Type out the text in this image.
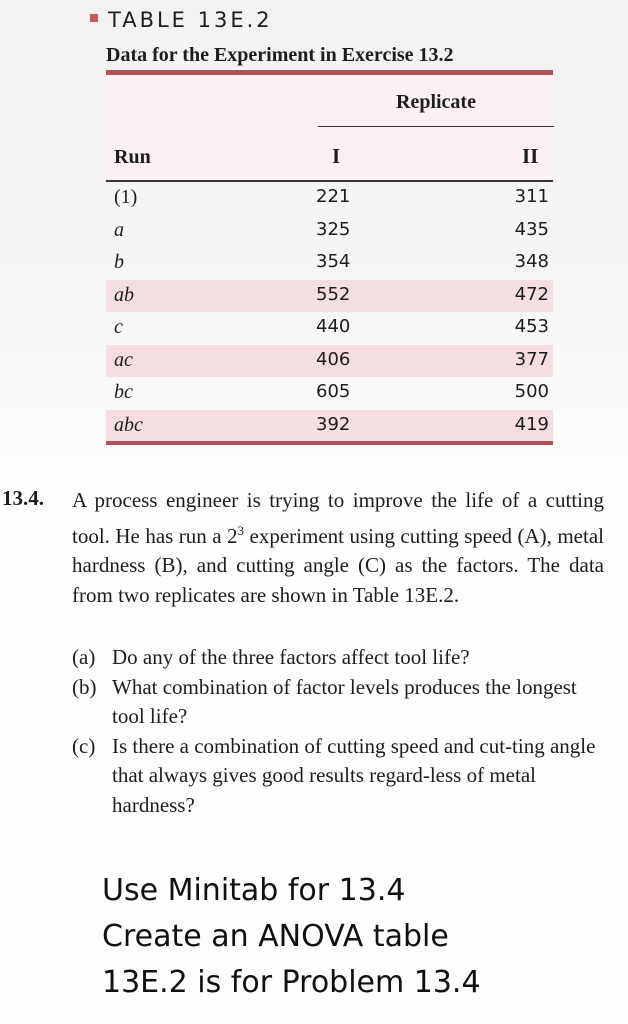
TABLE 13E.2
Data for the Experiment in Exercise 13.2
Replicate
Run	I	II
(1)	221	311
a	325	435
b	354	348
ab	552	472
c	440	453
ac	406	377
bc	605	500
abc	392	419
13.4. A process engineer is trying to improve the life of a cutting tool. He has run a $2^3$ experiment using cutting speed (A), metal hardness (B), and cutting angle (C) as the factors. The data from two replicates are shown in Table 13E.2.

(a) Do any of the three factors affect tool life?

(b) What combination of factor levels produces the longest tool life?

(c) Is there a combination of cutting speed and cut-ting angle that always gives good results regard-less of metal hardness?

Use Minitab for 13.4
Create an ANOVA table
13E.2 is for Problem 13.4
